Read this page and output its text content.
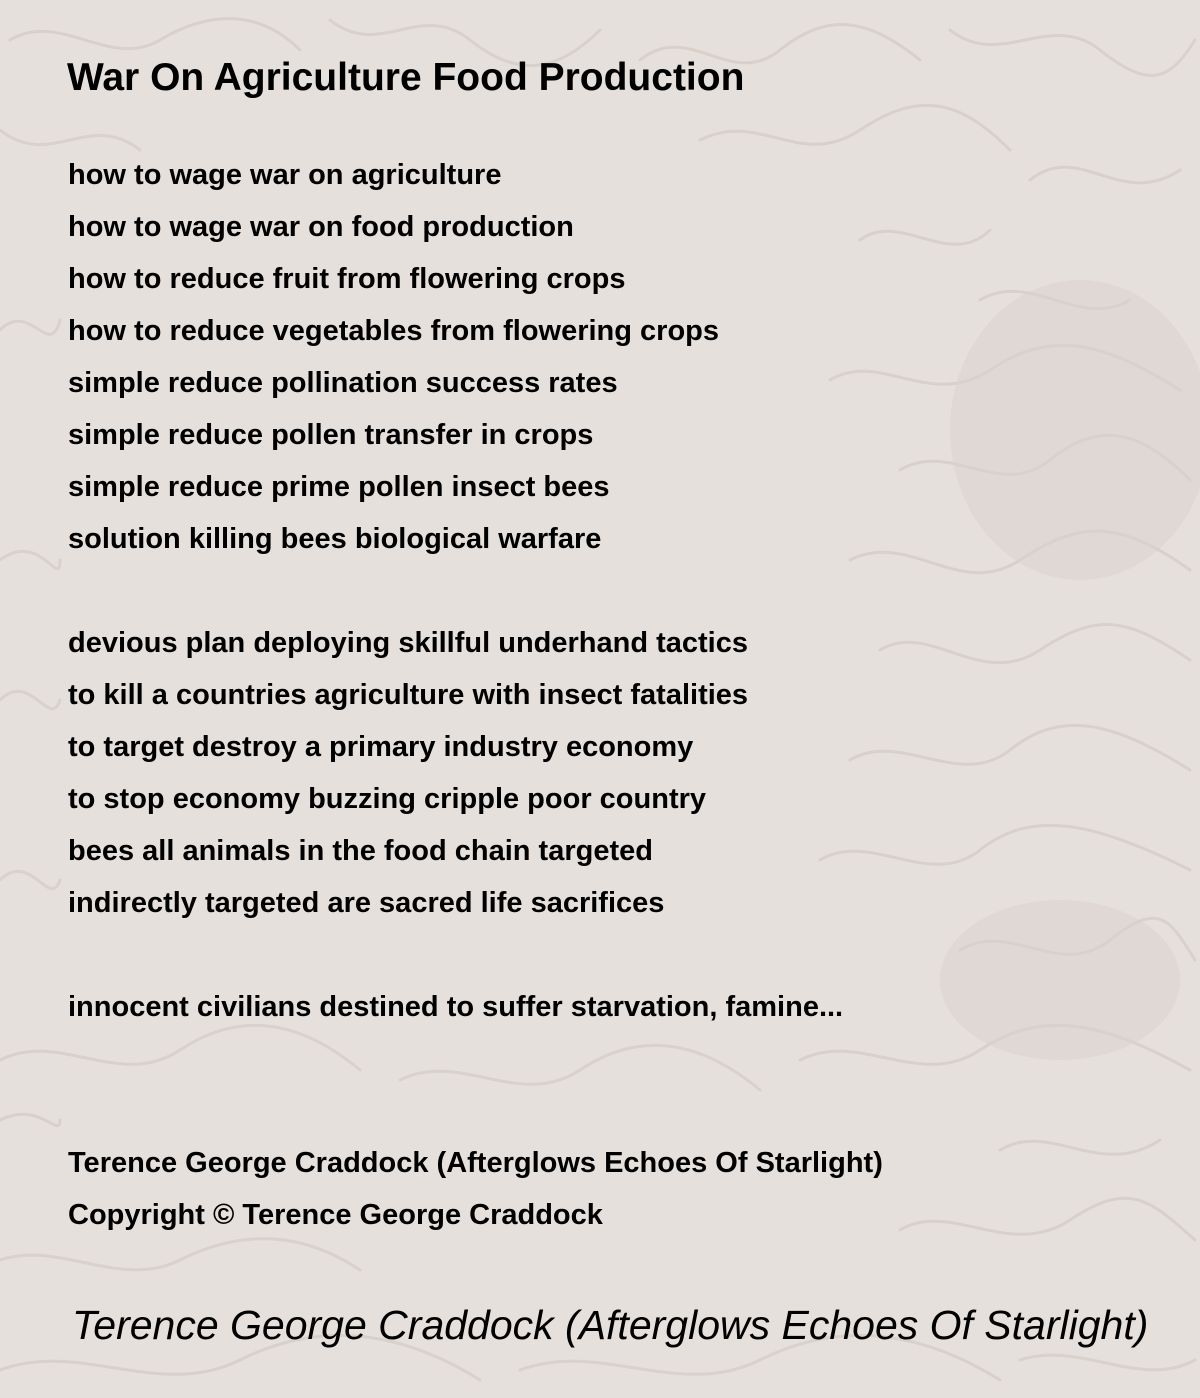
War On Agriculture Food Production
how to wage war on agriculture
how to wage war on food production
how to reduce fruit from flowering crops
how to reduce vegetables from flowering crops
simple reduce pollination success rates
simple reduce pollen transfer in crops
simple reduce prime pollen insect bees
solution killing bees biological warfare
devious plan deploying skillful underhand tactics
to kill a countries agriculture with insect fatalities
to target destroy a primary industry economy
to stop economy buzzing cripple poor country
bees all animals in the food chain targeted
indirectly targeted are sacred life sacrifices
innocent civilians destined to suffer starvation, famine...
Terence George Craddock (Afterglows Echoes Of Starlight)
Copyright © Terence George Craddock
Terence George Craddock (Afterglows Echoes Of Starlight)
